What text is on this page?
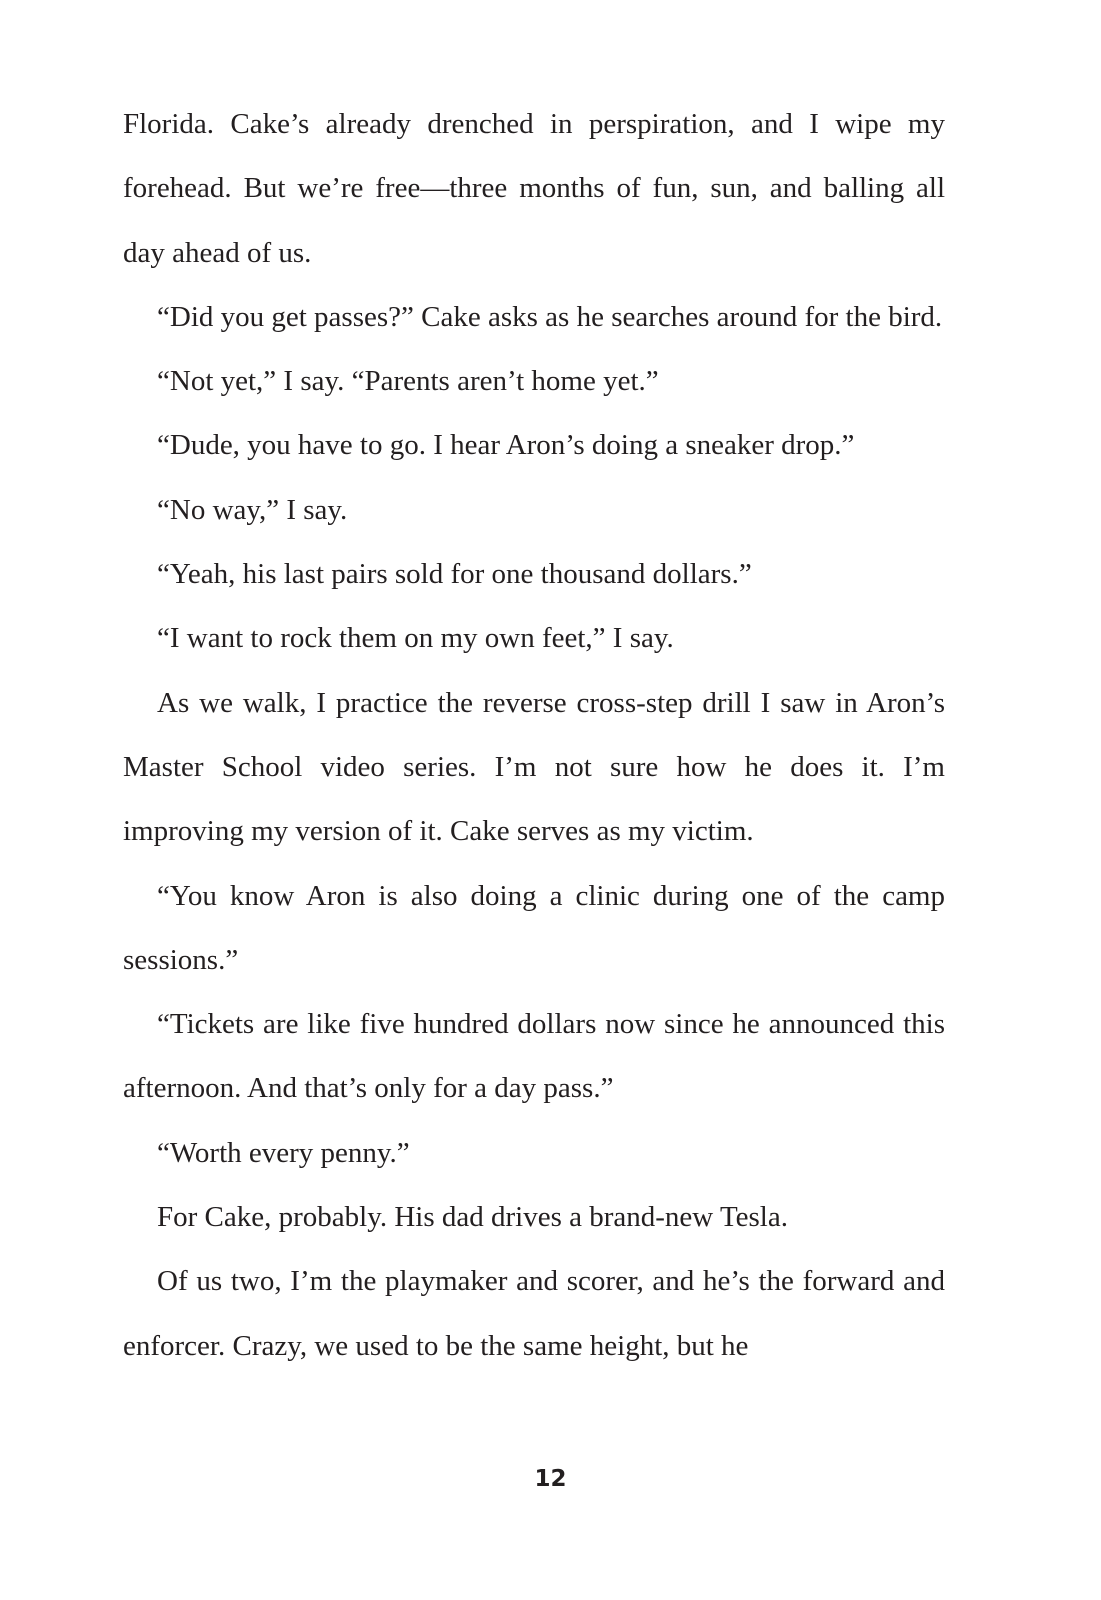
Florida. Cake’s already drenched in perspiration, and I wipe my forehead. But we’re free—three months of fun, sun, and balling all day ahead of us.

“Did you get passes?” Cake asks as he searches around for the bird.

“Not yet,” I say. “Parents aren’t home yet.”

“Dude, you have to go. I hear Aron’s doing a sneaker drop.”

“No way,” I say.

“Yeah, his last pairs sold for one thousand dollars.”

“I want to rock them on my own feet,” I say.

As we walk, I practice the reverse cross-step drill I saw in Aron’s Master School video series. I’m not sure how he does it. I’m improving my version of it. Cake serves as my victim.

“You know Aron is also doing a clinic during one of the camp sessions.”

“Tickets are like five hundred dollars now since he announced this afternoon. And that’s only for a day pass.”

“Worth every penny.”

For Cake, probably. His dad drives a brand-new Tesla.

Of us two, I’m the playmaker and scorer, and he’s the forward and enforcer. Crazy, we used to be the same height, but he

12
